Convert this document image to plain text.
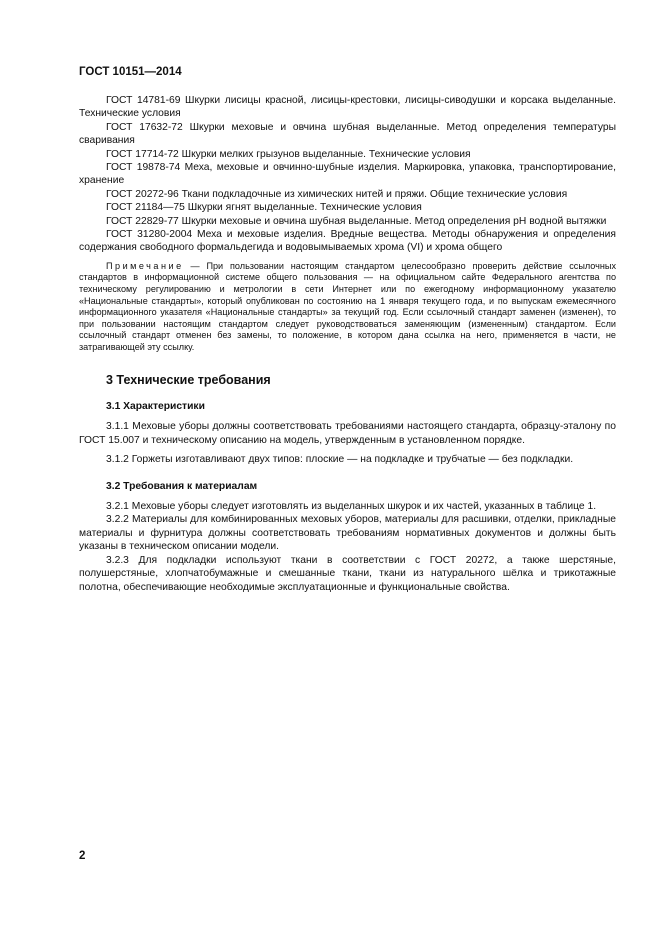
ГОСТ 10151—2014

ГОСТ 14781-69 Шкурки лисицы красной, лисицы-крестовки, лисицы-сиводушки и корсака выделанные. Технические условия

ГОСТ 17632-72 Шкурки меховые и овчина шубная выделанные. Метод определения температуры сваривания

ГОСТ 17714-72 Шкурки мелких грызунов выделанные. Технические условия

ГОСТ 19878-74 Меха, меховые и овчинно-шубные изделия. Маркировка, упаковка, транспортирование, хранение

ГОСТ 20272-96 Ткани подкладочные из химических нитей и пряжи. Общие технические условия

ГОСТ 21184—75 Шкурки ягнят выделанные. Технические условия

ГОСТ 22829-77 Шкурки меховые и овчина шубная выделанные. Метод определения pH водной вытяжки

ГОСТ 31280-2004 Меха и меховые изделия. Вредные вещества. Методы обнаружения и определения содержания свободного формальдегида и водовымываемых хрома (VI) и хрома общего

Примечание — При пользовании настоящим стандартом целесообразно проверить действие ссылочных стандартов в информационной системе общего пользования — на официальном сайте Федерального агентства по техническому регулированию и метрологии в сети Интернет или по ежегодному информационному указателю «Национальные стандарты», который опубликован по состоянию на 1 января текущего года, и по выпускам ежемесячного информационного указателя «Национальные стандарты» за текущий год. Если ссылочный стандарт заменен (изменен), то при пользовании настоящим стандартом следует руководствоваться заменяющим (измененным) стандартом. Если ссылочный стандарт отменен без замены, то положение, в котором дана ссылка на него, применяется в части, не затрагивающей эту ссылку.

3 Технические требования
3.1 Характеристики

3.1.1 Меховые уборы должны соответствовать требованиями настоящего стандарта, образцу-эталону по ГОСТ 15.007 и техническому описанию на модель, утвержденным в установленном порядке.

3.1.2 Горжеты изготавливают двух типов: плоские — на подкладке и трубчатые — без подкладки.

3.2 Требования к материалам

3.2.1 Меховые уборы следует изготовлять из выделанных шкурок и их частей, указанных в таблице 1.

3.2.2 Материалы для комбинированных меховых уборов, материалы для расшивки, отделки, прикладные материалы и фурнитура должны соответствовать требованиям нормативных документов и должны быть указаны в техническом описании модели.

3.2.3 Для подкладки используют ткани в соответствии с ГОСТ 20272, а также шерстяные, полушерстяные, хлопчатобумажные и смешанные ткани, ткани из натурального шёлка и трикотажные полотна, обеспечивающие необходимые эксплуатационные и функциональные свойства.

2
